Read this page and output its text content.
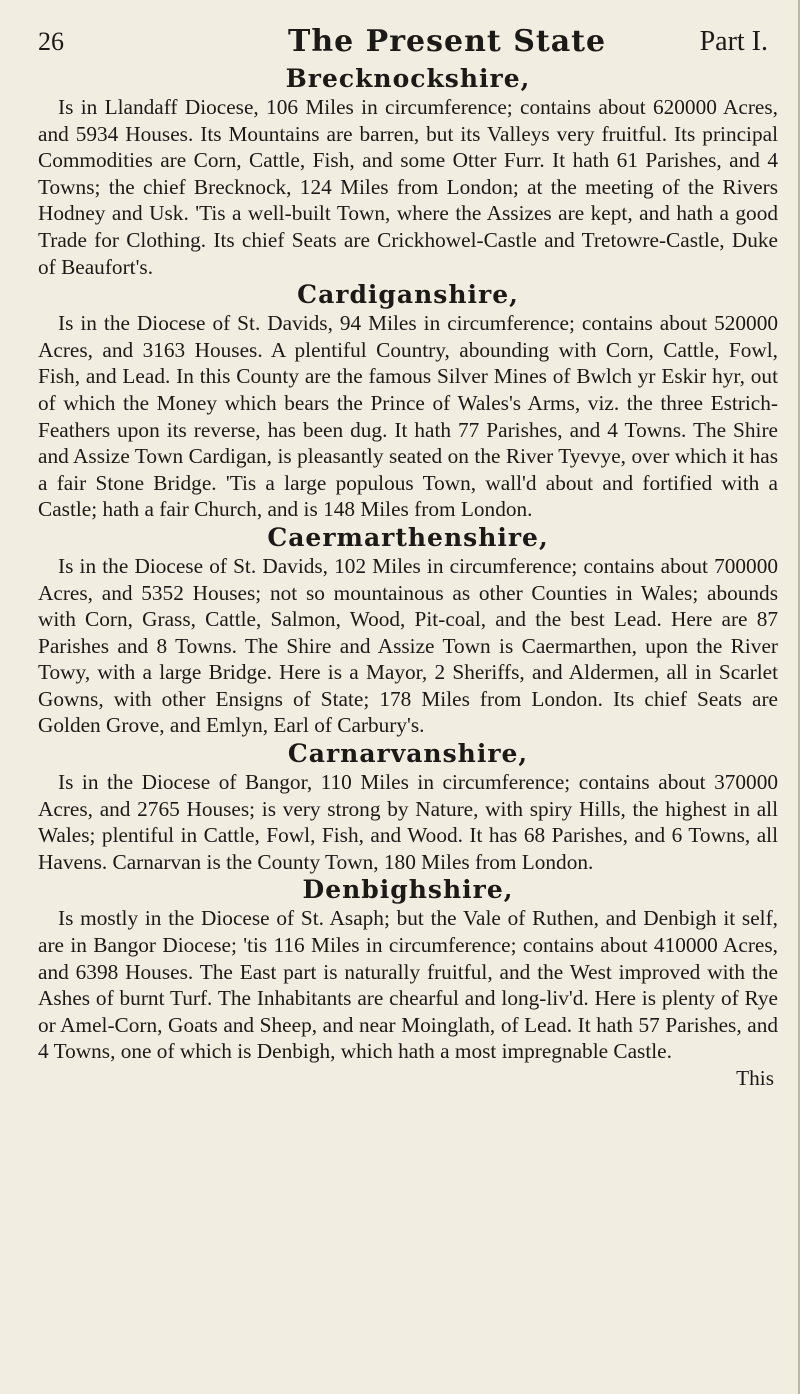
26	The Present State	Part I.
Brecknockshire,

Is in Llandaff Diocese, 106 Miles in circumference; contains about 620000 Acres, and 5934 Houses. Its Mountains are barren, but its Valleys very fruitful. Its principal Commodities are Corn, Cattle, Fish, and some Otter Furr. It hath 61 Parishes, and 4 Towns; the chief Brecknock, 124 Miles from London; at the meeting of the Rivers Hodney and Usk. 'Tis a well-built Town, where the Assizes are kept, and hath a good Trade for Clothing. Its chief Seats are Crickhowel-Castle and Tretowre-Castle, Duke of Beaufort's.

Cardiganshire,

Is in the Diocese of St. Davids, 94 Miles in circumference; contains about 520000 Acres, and 3163 Houses. A plentiful Country, abounding with Corn, Cattle, Fowl, Fish, and Lead. In this County are the famous Silver Mines of Bwlch yr Eskir hyr, out of which the Money which bears the Prince of Wales's Arms, viz. the three Estrich-Feathers upon its reverse, has been dug. It hath 77 Parishes, and 4 Towns. The Shire and Assize Town Cardigan, is pleasantly seated on the River Tyevye, over which it has a fair Stone Bridge. 'Tis a large populous Town, wall'd about and fortified with a Castle; hath a fair Church, and is 148 Miles from London.

Caermarthenshire,

Is in the Diocese of St. Davids, 102 Miles in circumference; contains about 700000 Acres, and 5352 Houses; not so mountainous as other Counties in Wales; abounds with Corn, Grass, Cattle, Salmon, Wood, Pit-coal, and the best Lead. Here are 87 Parishes and 8 Towns. The Shire and Assize Town is Caermarthen, upon the River Towy, with a large Bridge. Here is a Mayor, 2 Sheriffs, and Aldermen, all in Scarlet Gowns, with other Ensigns of State; 178 Miles from London. Its chief Seats are Golden Grove, and Emlyn, Earl of Carbury's.

Carnarvanshire,

Is in the Diocese of Bangor, 110 Miles in circumference; contains about 370000 Acres, and 2765 Houses; is very strong by Nature, with spiry Hills, the highest in all Wales; plentiful in Cattle, Fowl, Fish, and Wood. It has 68 Parishes, and 6 Towns, all Havens. Carnarvan is the County Town, 180 Miles from London.

Denbighshire,

Is mostly in the Diocese of St. Asaph; but the Vale of Ruthen, and Denbigh it self, are in Bangor Diocese; 'tis 116 Miles in circumference; contains about 410000 Acres, and 6398 Houses. The East part is naturally fruitful, and the West improved with the Ashes of burnt Turf. The Inhabitants are chearful and long-liv'd. Here is plenty of Rye or Amel-Corn, Goats and Sheep, and near Moinglath, of Lead. It hath 57 Parishes, and 4 Towns, one of which is Denbigh, which hath a most impregnable Castle.

This
